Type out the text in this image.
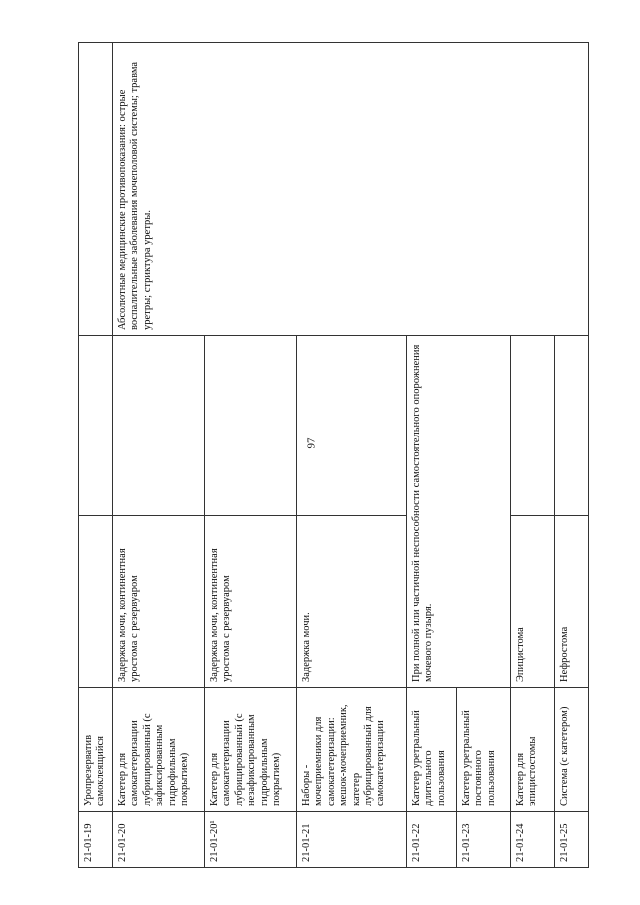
97
21-01-19	Уропрезерватив самоклеящийся			
21-01-20	Катетер для самокатетеризации лубрицированный (с зафиксированным гидрофильным покрытием)	Задержка мочи, континентная уростома с резервуаром		Абсолютные медицинские противопоказания: острые воспалительные заболевания мочеполовой системы; травма уретры; стриктура уретры.
21-01-20¹	Катетер для самокатетеризации лубрицированный (с незафиксированным гидрофильным покрытием)	Задержка мочи, континентная уростома с резервуаром		
21-01-21	Наборы - мочеприемники для самокатетеризации: мешок-мочеприемник, катетер лубрицированный для самокатетеризации	Задержка мочи.		
21-01-22	Катетер уретральный длительного пользования	При полной или частичной неспособности самостоятельного опорожнения мочевого пузыря.		
21-01-23	Катетер уретральный постоянного пользования			
21-01-24	Катетер для эпицистостомы	Эпицистома		
21-01-25	Система (с катетером)	Нефростома		
